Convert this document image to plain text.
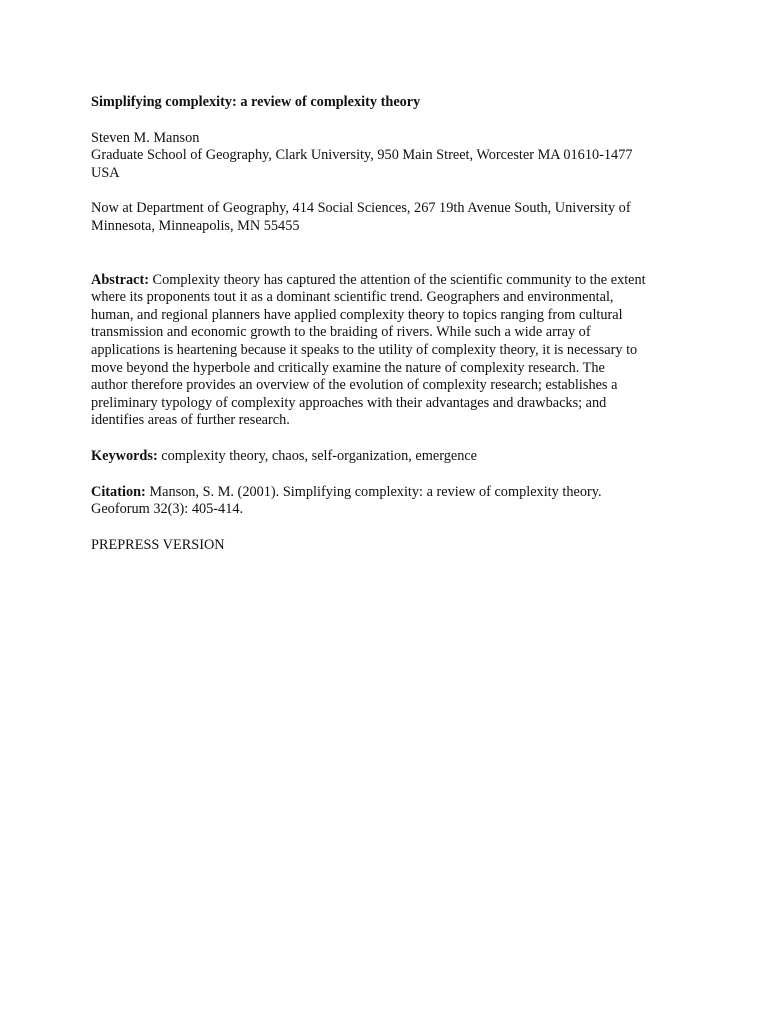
Simplifying complexity: a review of complexity theory

Steven M. Manson
Graduate School of Geography, Clark University, 950 Main Street, Worcester MA 01610-1477
USA
Now at Department of Geography, 414 Social Sciences, 267 19th Avenue South, University of
Minnesota, Minneapolis, MN 55455
Abstract: Complexity theory has captured the attention of the scientific community to the extent
where its proponents tout it as a dominant scientific trend. Geographers and environmental,
human, and regional planners have applied complexity theory to topics ranging from cultural
transmission and economic growth to the braiding of rivers. While such a wide array of
applications is heartening because it speaks to the utility of complexity theory, it is necessary to
move beyond the hyperbole and critically examine the nature of complexity research. The
author therefore provides an overview of the evolution of complexity research; establishes a
preliminary typology of complexity approaches with their advantages and drawbacks; and
identifies areas of further research.
Keywords: complexity theory, chaos, self-organization, emergence
Citation: Manson, S. M. (2001). Simplifying complexity: a review of complexity theory.
Geoforum 32(3): 405-414.
PREPRESS VERSION
